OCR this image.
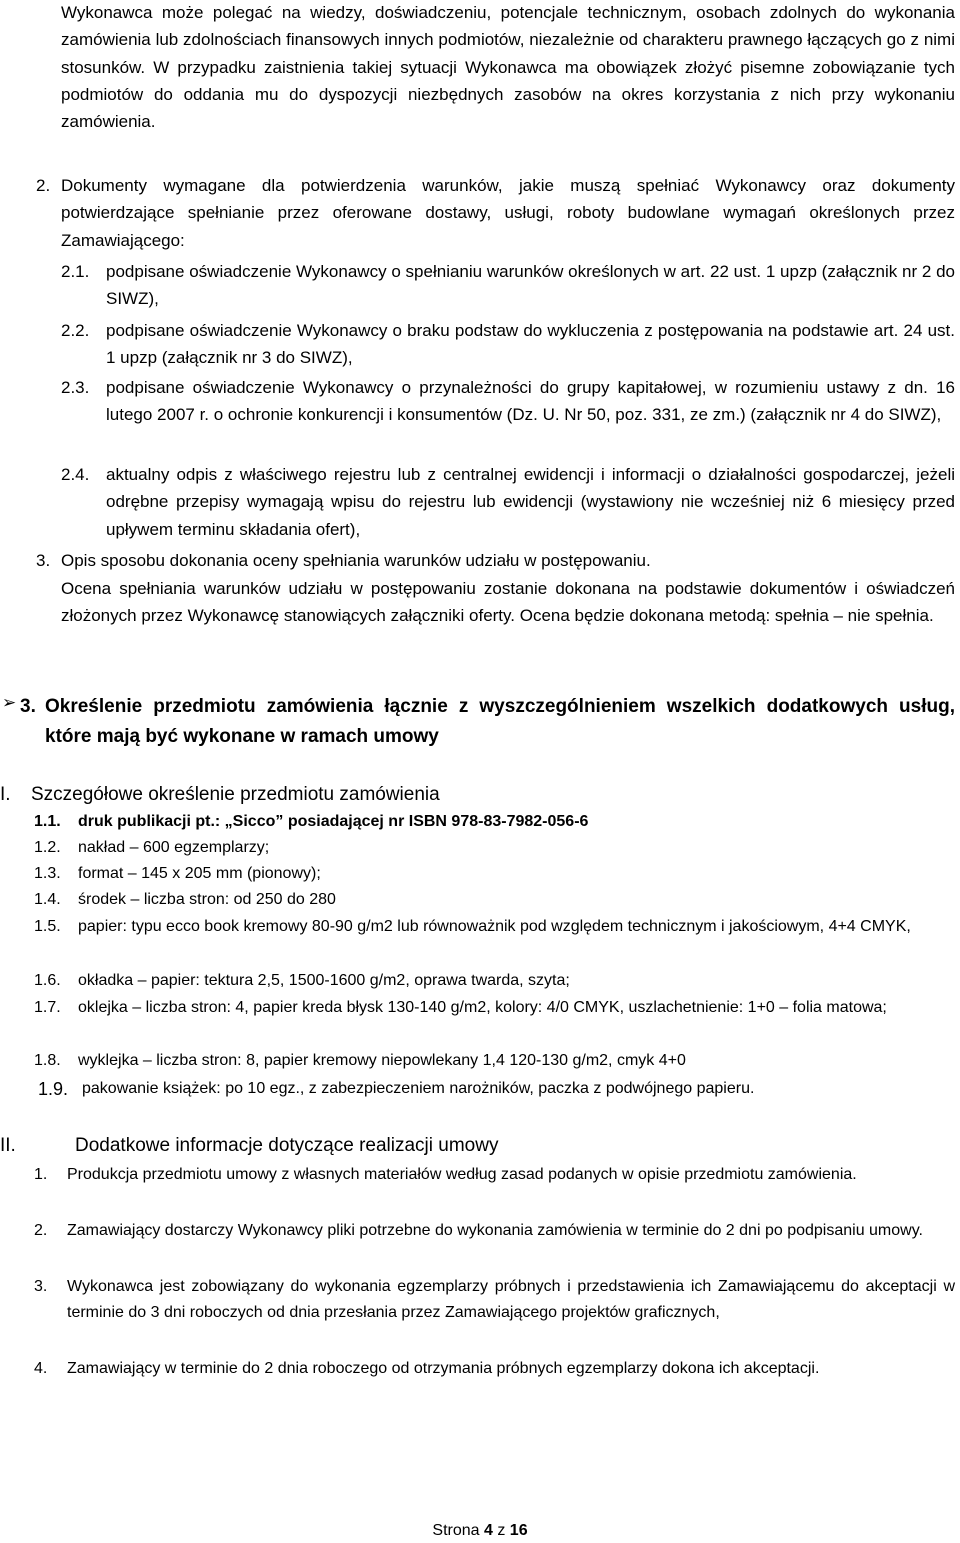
Wykonawca może polegać na wiedzy, doświadczeniu, potencjale technicznym, osobach zdolnych do wykonania zamówienia lub zdolnościach finansowych innych podmiotów, niezależnie od charakteru prawnego łączących go z nimi stosunków. W przypadku zaistnienia takiej sytuacji Wykonawca ma obowiązek złożyć pisemne zobowiązanie tych podmiotów do oddania mu do dyspozycji niezbędnych zasobów na okres korzystania z nich przy wykonaniu zamówienia.
2. Dokumenty wymagane dla potwierdzenia warunków, jakie muszą spełniać Wykonawcy oraz dokumenty potwierdzające spełnianie przez oferowane dostawy, usługi, roboty budowlane wymagań określonych przez Zamawiającego:
2.1. podpisane oświadczenie Wykonawcy o spełnianiu warunków określonych w art. 22 ust. 1 upzp (załącznik nr 2 do SIWZ),
2.2. podpisane oświadczenie Wykonawcy o braku podstaw do wykluczenia z postępowania na podstawie art. 24 ust. 1 upzp (załącznik nr 3 do SIWZ),
2.3. podpisane oświadczenie Wykonawcy o przynależności do grupy kapitałowej, w rozumieniu ustawy z dn. 16 lutego 2007 r. o ochronie konkurencji i konsumentów (Dz. U. Nr 50, poz. 331, ze zm.) (załącznik nr 4 do SIWZ),
2.4. aktualny odpis z właściwego rejestru lub z centralnej ewidencji i informacji o działalności gospodarczej, jeżeli odrębne przepisy wymagają wpisu do rejestru lub ewidencji (wystawiony nie wcześniej niż 6 miesięcy przed upływem terminu składania ofert),
3. Opis sposobu dokonania oceny spełniania warunków udziału w postępowaniu.
Ocena spełniania warunków udziału w postępowaniu zostanie dokonana na podstawie dokumentów i oświadczeń złożonych przez Wykonawcę stanowiących załączniki oferty. Ocena będzie dokonana metodą: spełnia – nie spełnia.
➢ 3. Określenie przedmiotu zamówienia łącznie z wyszczególnieniem wszelkich dodatkowych usług, które mają być wykonane w ramach umowy
I. Szczegółowe określenie przedmiotu zamówienia
1.1. druk publikacji pt.: „Sicco” posiadającej nr ISBN 978-83-7982-056-6
1.2. nakład – 600 egzemplarzy;
1.3. format – 145 x 205 mm (pionowy);
1.4. środek – liczba stron: od 250 do 280
1.5. papier: typu ecco book kremowy 80-90 g/m2 lub równoważnik pod względem technicznym i jakościowym, 4+4 CMYK,
1.6. okładka – papier: tektura 2,5, 1500-1600 g/m2, oprawa twarda, szyta;
1.7. oklejka – liczba stron: 4, papier kreda błysk 130-140 g/m2, kolory: 4/0 CMYK, uszlachetnienie: 1+0 – folia matowa;
1.8. wyklejka – liczba stron: 8, papier kremowy niepowlekany 1,4 120-130 g/m2, cmyk 4+0
1.9. pakowanie książek: po 10 egz., z zabezpieczeniem narożników, paczka z podwójnego papieru.
II.	Dodatkowe informacje dotyczące realizacji umowy
1. Produkcja przedmiotu umowy z własnych materiałów według zasad podanych w opisie przedmiotu zamówienia.
2. Zamawiający dostarczy Wykonawcy pliki potrzebne do wykonania zamówienia w terminie do 2 dni po podpisaniu umowy.
3. Wykonawca jest zobowiązany do wykonania egzemplarzy próbnych i przedstawienia ich Zamawiającemu do akceptacji w terminie do 3 dni roboczych od dnia przesłania przez Zamawiającego projektów graficznych,
4. Zamawiający w terminie do 2 dnia roboczego od otrzymania próbnych egzemplarzy dokona ich akceptacji.
Strona 4 z 16
